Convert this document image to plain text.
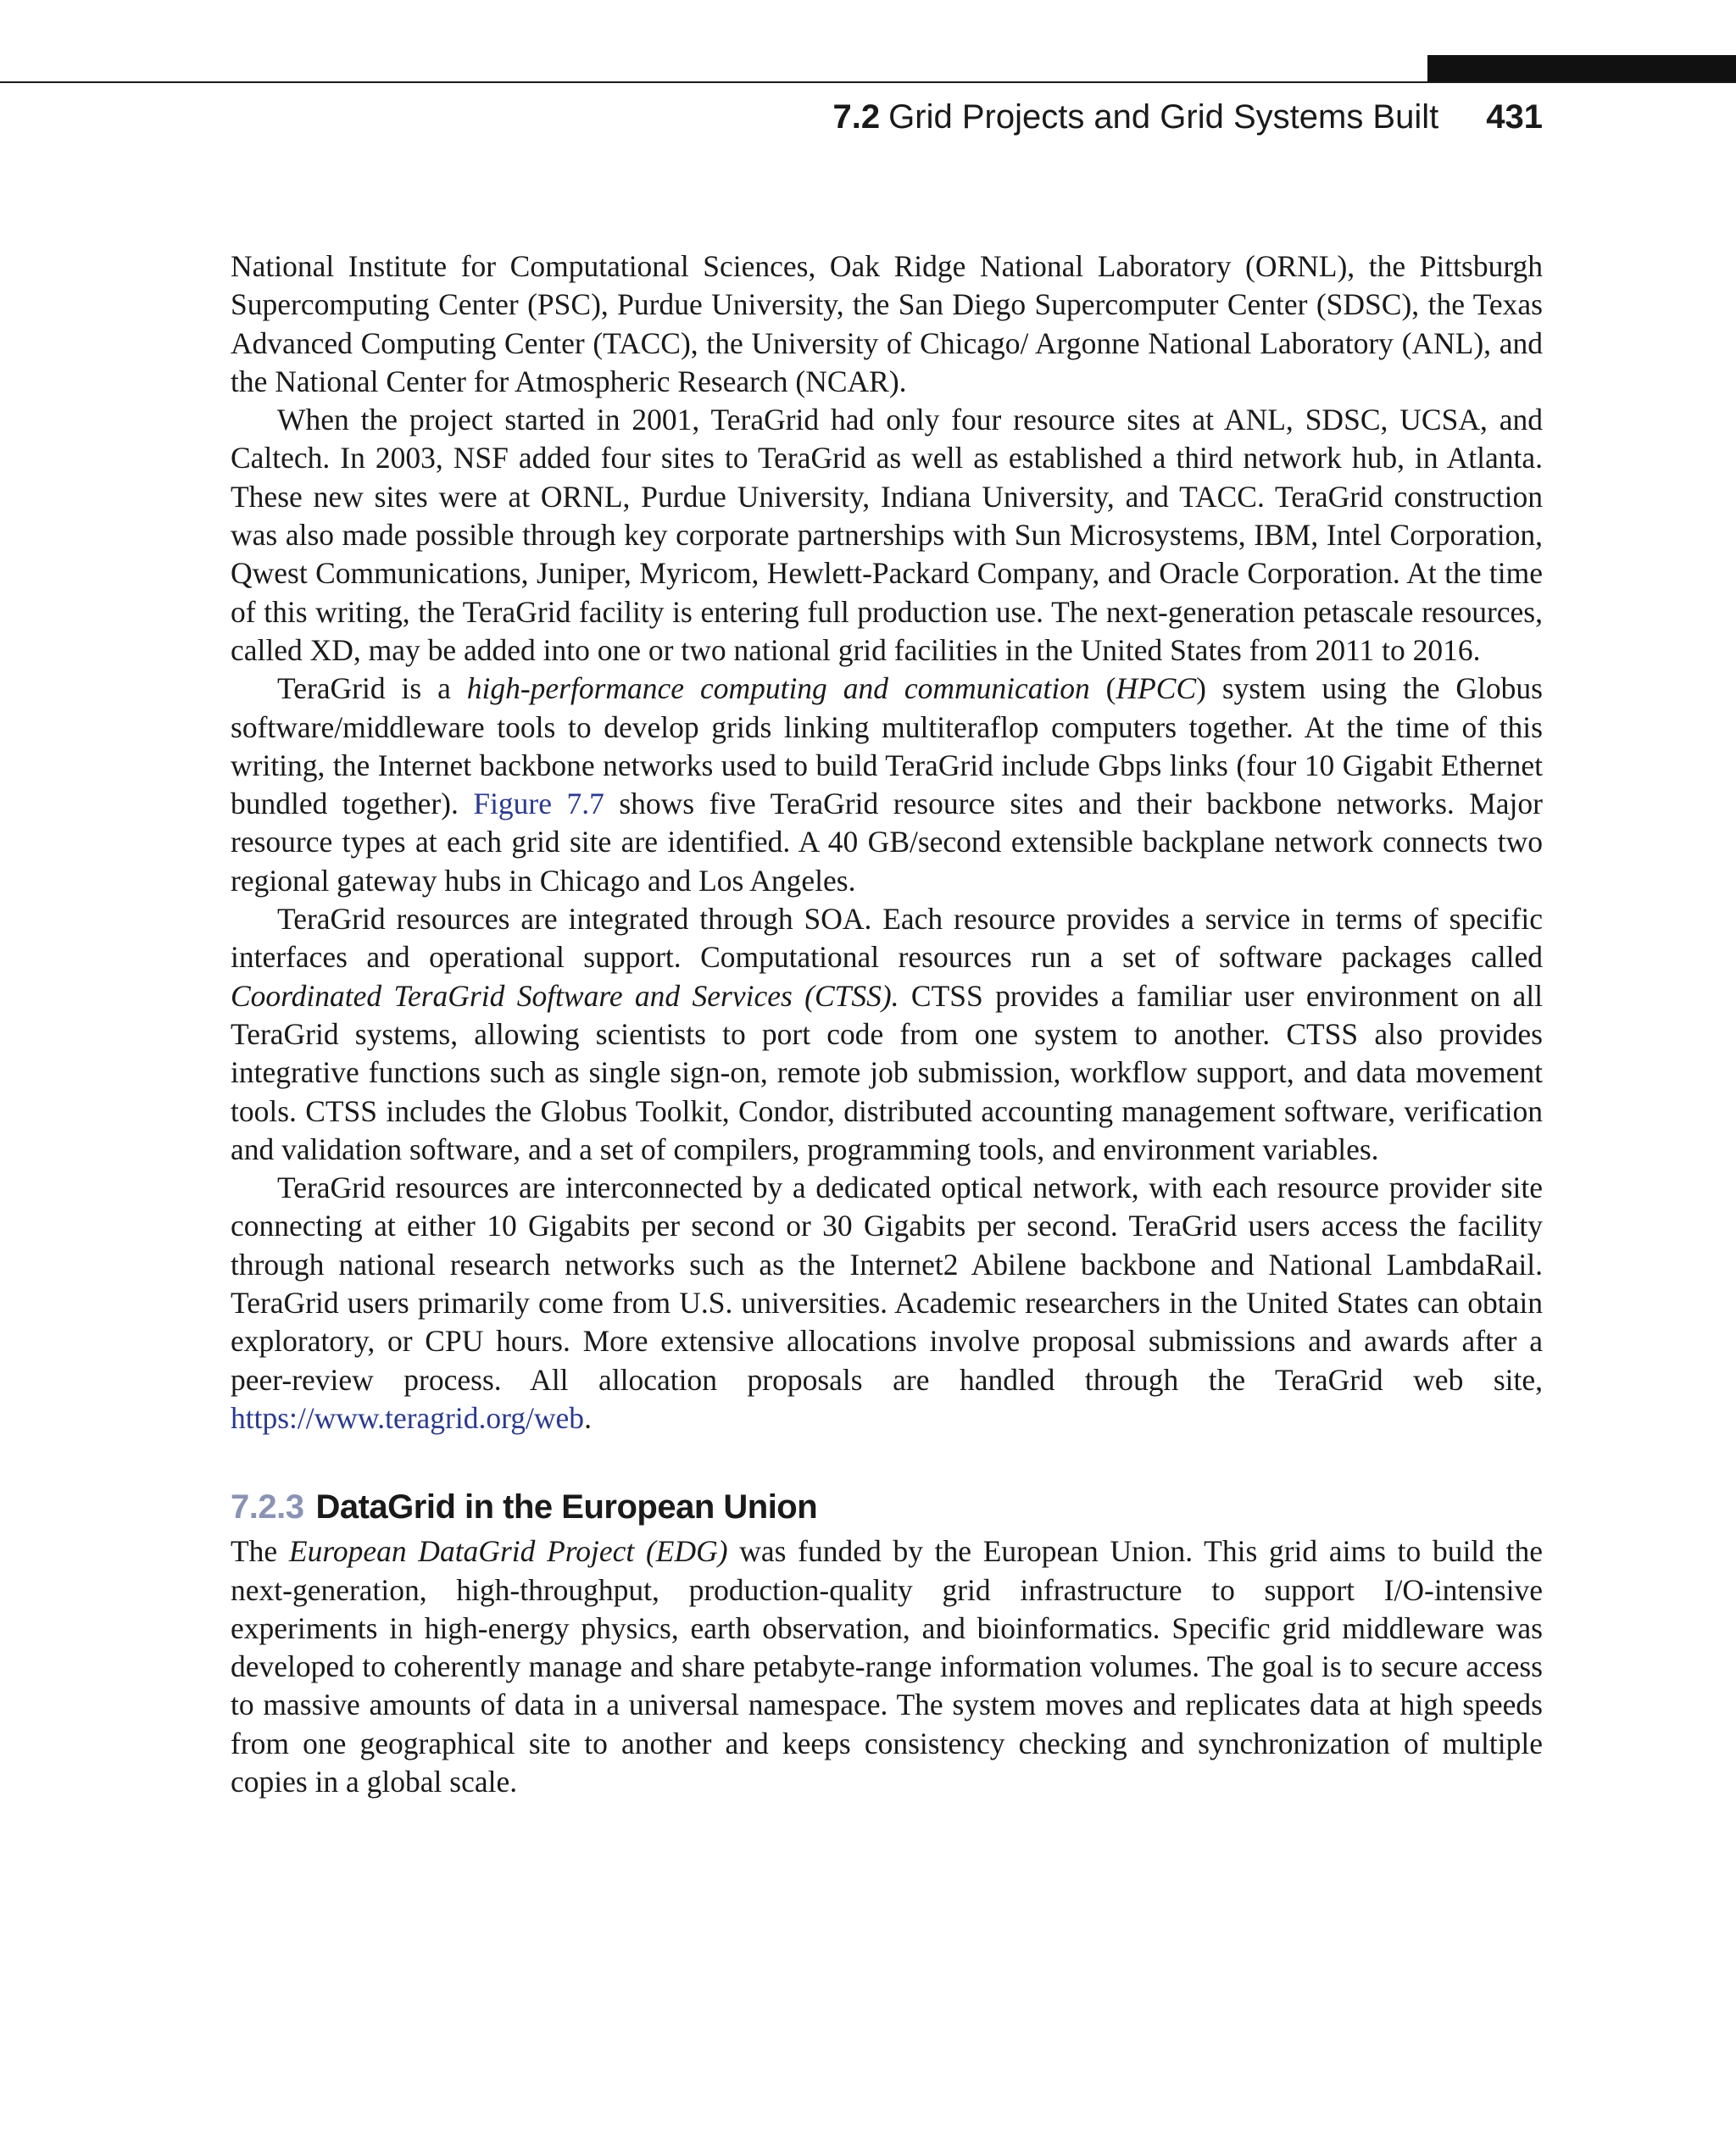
7.2 Grid Projects and Grid Systems Built 431

National Institute for Computational Sciences, Oak Ridge National Laboratory (ORNL), the Pittsburgh Supercomputing Center (PSC), Purdue University, the San Diego Supercomputer Center (SDSC), the Texas Advanced Computing Center (TACC), the University of Chicago/ Argonne National Laboratory (ANL), and the National Center for Atmospheric Research (NCAR).

When the project started in 2001, TeraGrid had only four resource sites at ANL, SDSC, UCSA, and Caltech. In 2003, NSF added four sites to TeraGrid as well as established a third network hub, in Atlanta. These new sites were at ORNL, Purdue University, Indiana University, and TACC. TeraGrid construction was also made possible through key corporate partnerships with Sun Microsystems, IBM, Intel Corporation, Qwest Communications, Juniper, Myricom, Hewlett-Packard Company, and Oracle Corporation. At the time of this writing, the TeraGrid facility is entering full production use. The next-generation petascale resources, called XD, may be added into one or two national grid facilities in the United States from 2011 to 2016.

TeraGrid is a high-performance computing and communication (HPCC) system using the Globus software/middleware tools to develop grids linking multiteraflop computers together. At the time of this writing, the Internet backbone networks used to build TeraGrid include Gbps links (four 10 Gigabit Ethernet bundled together). Figure 7.7 shows five TeraGrid resource sites and their backbone networks. Major resource types at each grid site are identified. A 40 GB/second extensible backplane network connects two regional gateway hubs in Chicago and Los Angeles.

TeraGrid resources are integrated through SOA. Each resource provides a service in terms of specific interfaces and operational support. Computational resources run a set of software packages called Coordinated TeraGrid Software and Services (CTSS). CTSS provides a familiar user environment on all TeraGrid systems, allowing scientists to port code from one system to another. CTSS also provides integrative functions such as single sign-on, remote job submission, workflow support, and data movement tools. CTSS includes the Globus Toolkit, Condor, distributed accounting management software, verification and validation software, and a set of compilers, programming tools, and environment variables.

TeraGrid resources are interconnected by a dedicated optical network, with each resource provider site connecting at either 10 Gigabits per second or 30 Gigabits per second. TeraGrid users access the facility through national research networks such as the Internet2 Abilene backbone and National LambdaRail. TeraGrid users primarily come from U.S. universities. Academic researchers in the United States can obtain exploratory, or CPU hours. More extensive allocations involve proposal submissions and awards after a peer-review process. All allocation proposals are handled through the TeraGrid web site, https://www.teragrid.org/web.

7.2.3 DataGrid in the European Union

The European DataGrid Project (EDG) was funded by the European Union. This grid aims to build the next-generation, high-throughput, production-quality grid infrastructure to support I/O-intensive experiments in high-energy physics, earth observation, and bioinformatics. Specific grid middleware was developed to coherently manage and share petabyte-range information volumes. The goal is to secure access to massive amounts of data in a universal namespace. The system moves and replicates data at high speeds from one geographical site to another and keeps consistency checking and synchronization of multiple copies in a global scale.
